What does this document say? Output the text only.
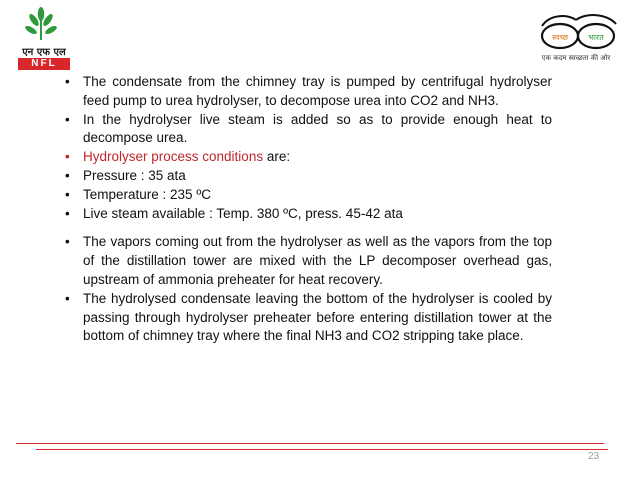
एन एफ एल
NFL
स्वच्छ	भारत
एक कदम स्वच्छता की ओर
• The condensate from the chimney tray is pumped by centrifugal hydrolyser feed pump to urea hydrolyser, to decompose urea into CO2 and NH3.
• In the hydrolyser live steam is added so as to provide enough heat to decompose urea.
• Hydrolyser process conditions are:
• Pressure : 35 ata
• Temperature : 235 ºC
• Live steam available : Temp. 380 ºC, press. 45-42 ata
• The vapors coming out from the hydrolyser as well as the vapors from the top of the distillation tower are mixed with the LP decomposer overhead gas, upstream of ammonia preheater for heat recovery.
• The hydrolysed condensate leaving the bottom of the hydrolyser is cooled by passing through hydrolyser preheater before entering distillation tower at the bottom of chimney tray where the final NH3 and CO2 stripping take place.
23
